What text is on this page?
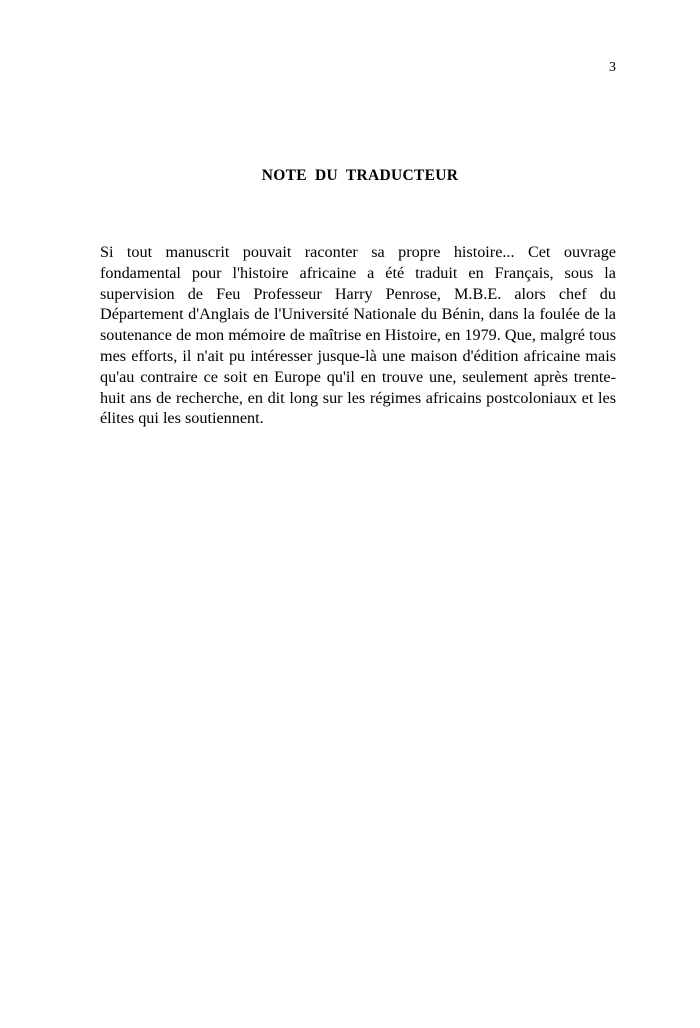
3
NOTE DU TRADUCTEUR

Si tout manuscrit pouvait raconter sa propre histoire... Cet ouvrage fondamental pour l'histoire africaine a été traduit en Français, sous la supervision de Feu Professeur Harry Penrose, M.B.E. alors chef du Département d'Anglais de l'Université Nationale du Bénin, dans la foulée de la soutenance de mon mémoire de maîtrise en Histoire, en 1979. Que, malgré tous mes efforts, il n'ait pu intéresser jusque-là une maison d'édition africaine mais qu'au contraire ce soit en Europe qu'il en trouve une, seulement après trente-huit ans de recherche, en dit long sur les régimes africains postcoloniaux et les élites qui les soutiennent.
